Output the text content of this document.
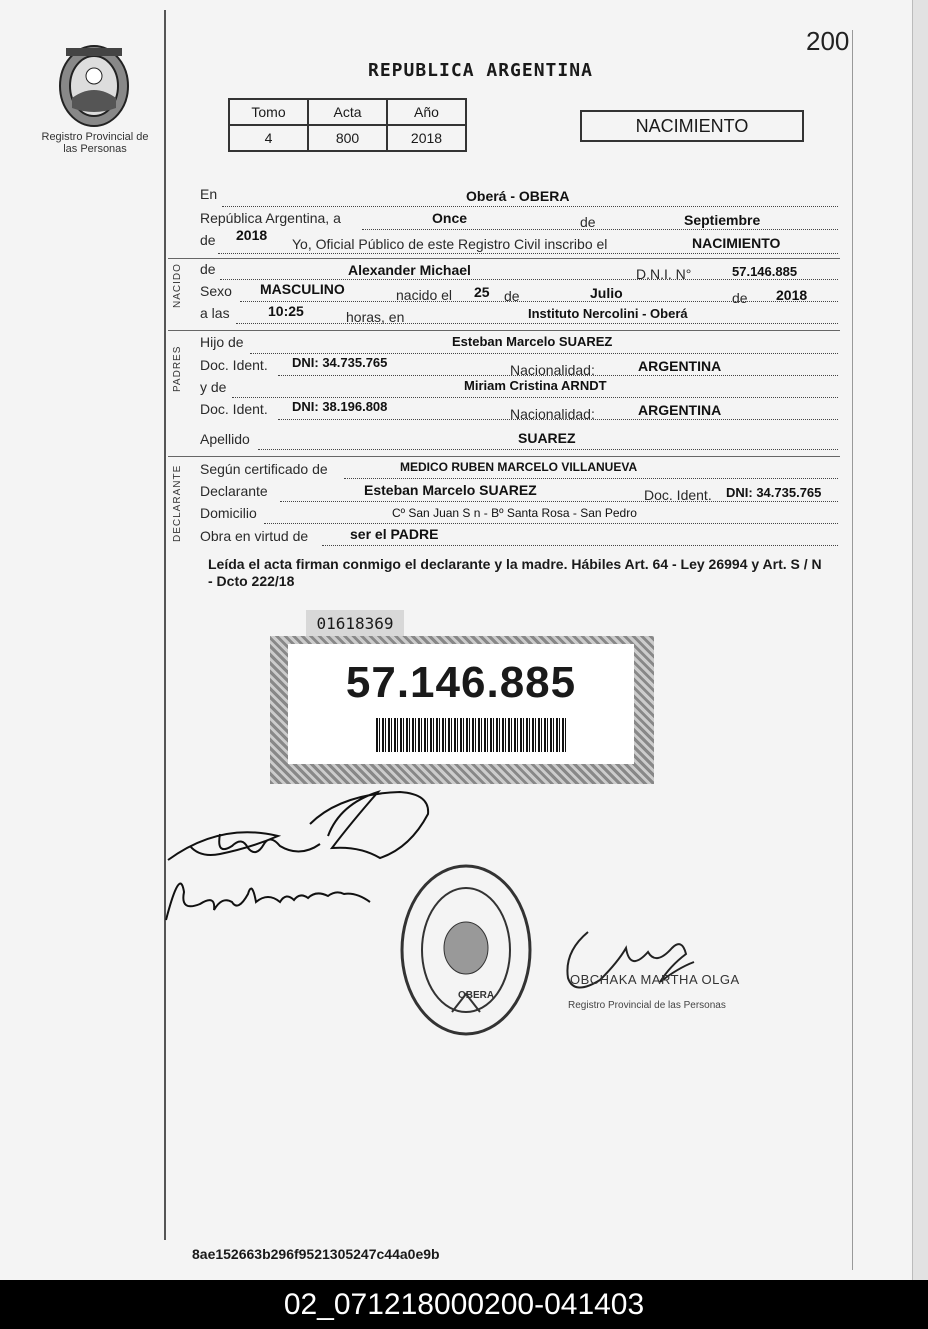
200
Registro Provincial de las Personas
REPUBLICA ARGENTINA
Tomo	Acta	Año
4	800	2018
NACIMIENTO
En	Oberá - OBERA
República Argentina, a	Once	de	Septiembre
de 2018
Yo, Oficial Público de este Registro Civil inscribo el	NACIMIENTO
NACIDO de	Alexander Michael	D.N.I. N°	57.146.885
Sexo MASCULINO	nacido el 25 de	Julio	de 2018
a las	10:25	horas, en	Instituto Nercolini - Oberá
PADRES
Hijo de	Esteban Marcelo SUAREZ
Doc. Ident. DNI: 34.735.765	Nacionalidad:	ARGENTINA
y de	Miriam Cristina ARNDT
Doc. Ident. DNI: 38.196.808	Nacionalidad:	ARGENTINA
Apellido	SUAREZ
DECLARANTE Según certificado de	MEDICO RUBEN MARCELO VILLANUEVA
Declarante	Esteban Marcelo SUAREZ	Doc. Ident. DNI: 34.735.765
Domicilio	Cº San Juan S n - Bº Santa Rosa - San Pedro
Obra en virtud de	ser el PADRE
Leída el acta firman conmigo el declarante y la madre. Hábiles Art. 64 - Ley 26994 y Art. S / N - Dcto 222/18
01618369
57.146.885
OBERA
OBCHAKA MARTHA OLGA
Registro Provincial de las Personas
8ae152663b296f9521305247c44a0e9b
02_071218000200-041403
